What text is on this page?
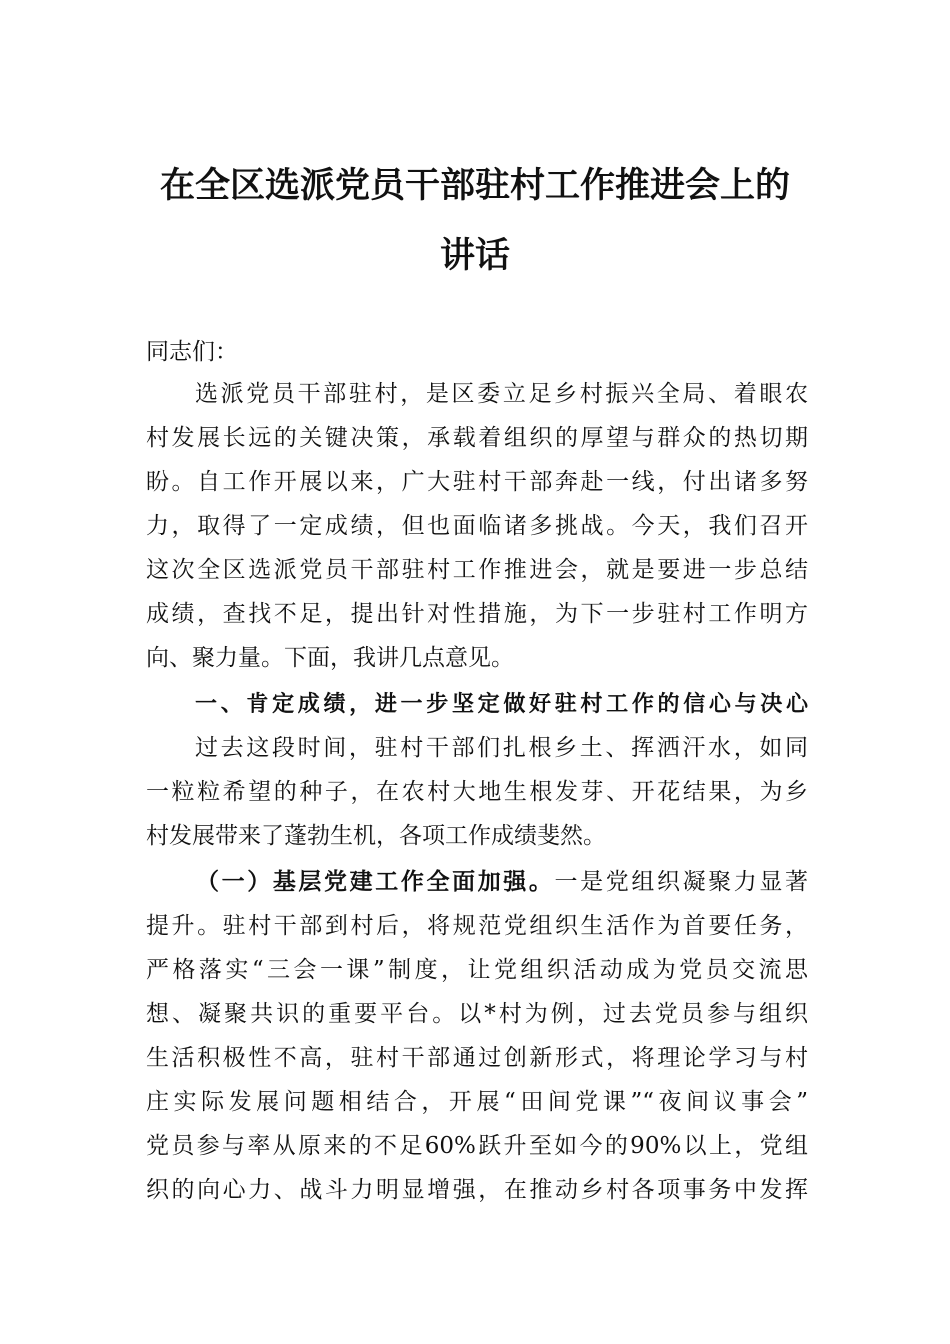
在全区选派党员干部驻村工作推进会上的
讲话
同志们：
选派党员干部驻村，是区委立足乡村振兴全局、着眼农
村发展长远的关键决策，承载着组织的厚望与群众的热切期
盼。自工作开展以来，广大驻村干部奔赴一线，付出诸多努
力，取得了一定成绩，但也面临诸多挑战。今天，我们召开
这次全区选派党员干部驻村工作推进会，就是要进一步总结
成绩，查找不足，提出针对性措施，为下一步驻村工作明方
向、聚力量。下面，我讲几点意见。
一、肯定成绩，进一步坚定做好驻村工作的信心与决心
过去这段时间，驻村干部们扎根乡土、挥洒汗水，如同
一粒粒希望的种子，在农村大地生根发芽、开花结果，为乡
村发展带来了蓬勃生机，各项工作成绩斐然。
（一）基层党建工作全面加强。一是党组织凝聚力显著
提升。驻村干部到村后，将规范党组织生活作为首要任务，
严格落实“三会一课”制度，让党组织活动成为党员交流思
想、凝聚共识的重要平台。以*村为例，过去党员参与组织
生活积极性不高，驻村干部通过创新形式，将理论学习与村
庄实际发展问题相结合，开展“田间党课”“夜间议事会”
党员参与率从原来的不足60%跃升至如今的90%以上，党组
织的向心力、战斗力明显增强，在推动乡村各项事务中发挥
